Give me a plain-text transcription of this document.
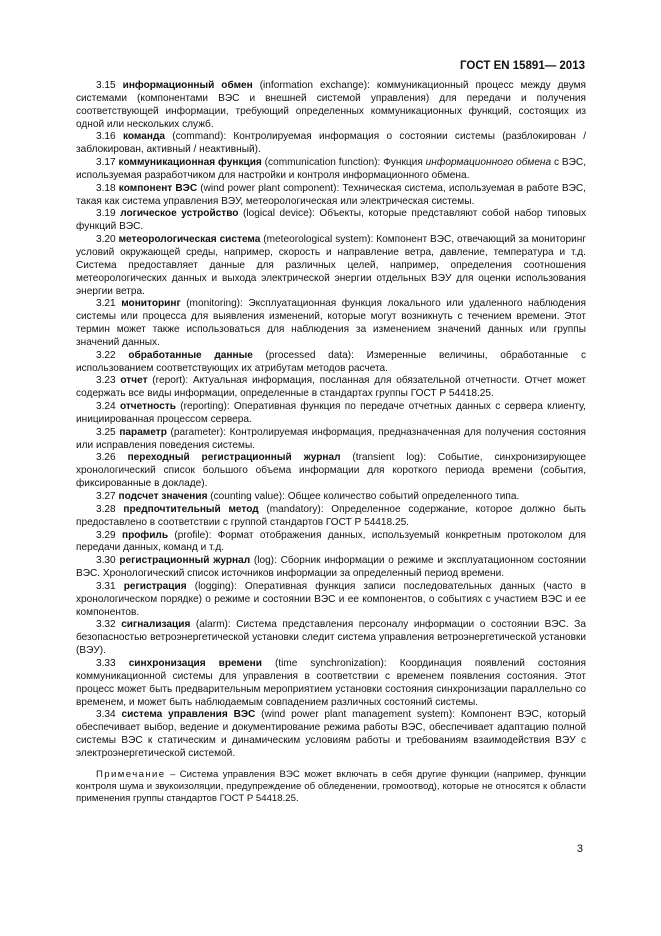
ГОСТ EN 15891— 2013

3.15 информационный обмен (information exchange): коммуникационный процесс между двумя системами (компонентами ВЭС и внешней системой управления) для передачи и получения соответствующей информации, требующий определенных коммуникационных функций, состоящих из одной или нескольких служб.

3.16 команда (command): Контролируемая информация о состоянии системы (разблокирован / заблокирован, активный / неактивный).

3.17 коммуникационная функция (communication function): Функция информационного обмена с ВЭС, используемая разработчиком для настройки и контроля информационного обмена.

3.18 компонент ВЭС (wind power plant component): Техническая система, используемая в работе ВЭС, такая как система управления ВЭУ, метеорологическая или электрическая системы.

3.19 логическое устройство (logical device): Объекты, которые представляют собой набор типовых функций ВЭС.

3.20 метеорологическая система (meteorological system): Компонент ВЭС, отвечающий за мониторинг условий окружающей среды, например, скорость и направление ветра, давление, температура и т.д. Система предоставляет данные для различных целей, например, определения соотношения метеорологических данных и выхода электрической энергии отдельных ВЭУ для оценки использования энергии ветра.

3.21 мониторинг (monitoring): Эксплуатационная функция локального или удаленного наблюдения системы или процесса для выявления изменений, которые могут возникнуть с течением времени. Этот термин может также использоваться для наблюдения за изменением значений данных или группы значений данных.

3.22 обработанные данные (processed data): Измеренные величины, обработанные с использованием соответствующих их атрибутам методов расчета.

3.23 отчет (report): Актуальная информация, посланная для обязательной отчетности. Отчет может содержать все виды информации, определенные в стандартах группы ГОСТ Р 54418.25.

3.24 отчетность (reporting): Оперативная функция по передаче отчетных данных с сервера клиенту, инициированная процессом сервера.

3.25 параметр (parameter): Контролируемая информация, предназначенная для получения состояния или исправления поведения системы.

3.26 переходный регистрационный журнал (transient log): Событие, синхронизирующее хронологический список большого объема информации для короткого периода времени (события, фиксированные в докладе).

3.27 подсчет значения (counting value): Общее количество событий определенного типа.

3.28 предпочтительный метод (mandatory): Определенное содержание, которое должно быть предоставлено в соответствии с группой стандартов ГОСТ Р 54418.25.

3.29 профиль (profile): Формат отображения данных, используемый конкретным протоколом для передачи данных, команд и т.д.

3.30 регистрационный журнал (log): Сборник информации о режиме и эксплуатационном состоянии ВЭС. Хронологический список источников информации за определенный период времени.

3.31 регистрация (logging): Оперативная функция записи последовательных данных (часто в хронологическом порядке) о режиме и состоянии ВЭС и ее компонентов, о событиях с участием ВЭС и ее компонентов.

3.32 сигнализация (alarm): Система представления персоналу информации о состоянии ВЭС. За безопасностью ветроэнергетической установки следит система управления ветроэнергетической установки (ВЭУ).

3.33 синхронизация времени (time synchronization): Координация появлений состояния коммуникационной системы для управления в соответствии с временем появления состояния. Этот процесс может быть предварительным мероприятием установки состояния синхронизации параллельно со временем, и может быть наблюдаемым совпадением различных состояний системы.

3.34 система управления ВЭС (wind power plant management system): Компонент ВЭС, который обеспечивает выбор, ведение и документирование режима работы ВЭС, обеспечивает адаптацию полной системы ВЭС к статическим и динамическим условиям работы и требованиям взаимодействия ВЭУ с электроэнергетической системой.

Примечание – Система управления ВЭС может включать в себя другие функции (например, функции контроля шума и звукоизоляции, предупреждение об обледенении, громоотвод), которые не относятся к области применения группы стандартов ГОСТ Р 54418.25.

3
